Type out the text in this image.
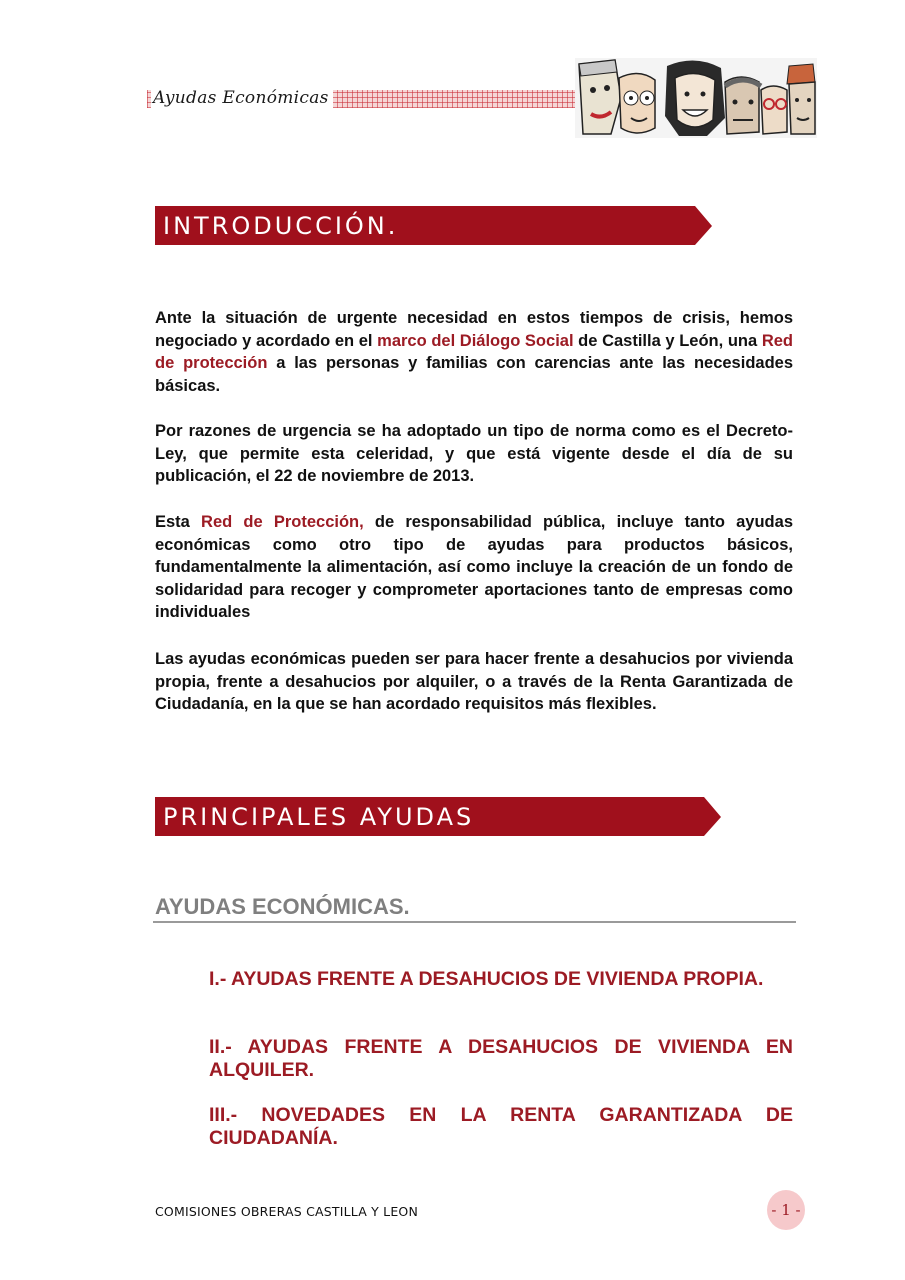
Ayudas Económicas
INTRODUCCIÓN.

Ante la situación de urgente necesidad en estos tiempos de crisis, hemos negociado y acordado en el marco del Diálogo Social de Castilla y León, una Red de protección a las personas y familias con carencias ante las necesidades básicas.

Por razones de urgencia se ha adoptado un tipo de norma como es el Decreto-Ley, que permite esta celeridad, y que está vigente desde el día de su publicación, el 22 de noviembre de 2013.

Esta Red de Protección, de responsabilidad pública, incluye tanto ayudas económicas como otro tipo de ayudas para productos básicos, fundamentalmente la alimentación, así como incluye la creación de un fondo de solidaridad para recoger y comprometer aportaciones tanto de empresas como individuales

Las ayudas económicas pueden ser para hacer frente a desahucios por vivienda propia, frente a desahucios por alquiler, o a través de la Renta Garantizada de Ciudadanía, en la que se han acordado requisitos más flexibles.

PRINCIPALES AYUDAS
AYUDAS ECONÓMICAS.
I.- AYUDAS FRENTE A DESAHUCIOS DE VIVIENDA PROPIA.
II.- AYUDAS FRENTE A DESAHUCIOS DE VIVIENDA EN ALQUILER.
III.- NOVEDADES EN LA RENTA GARANTIZADA DE CIUDADANÍA.
COMISIONES OBRERAS CASTILLA Y LEON	- 1 -
